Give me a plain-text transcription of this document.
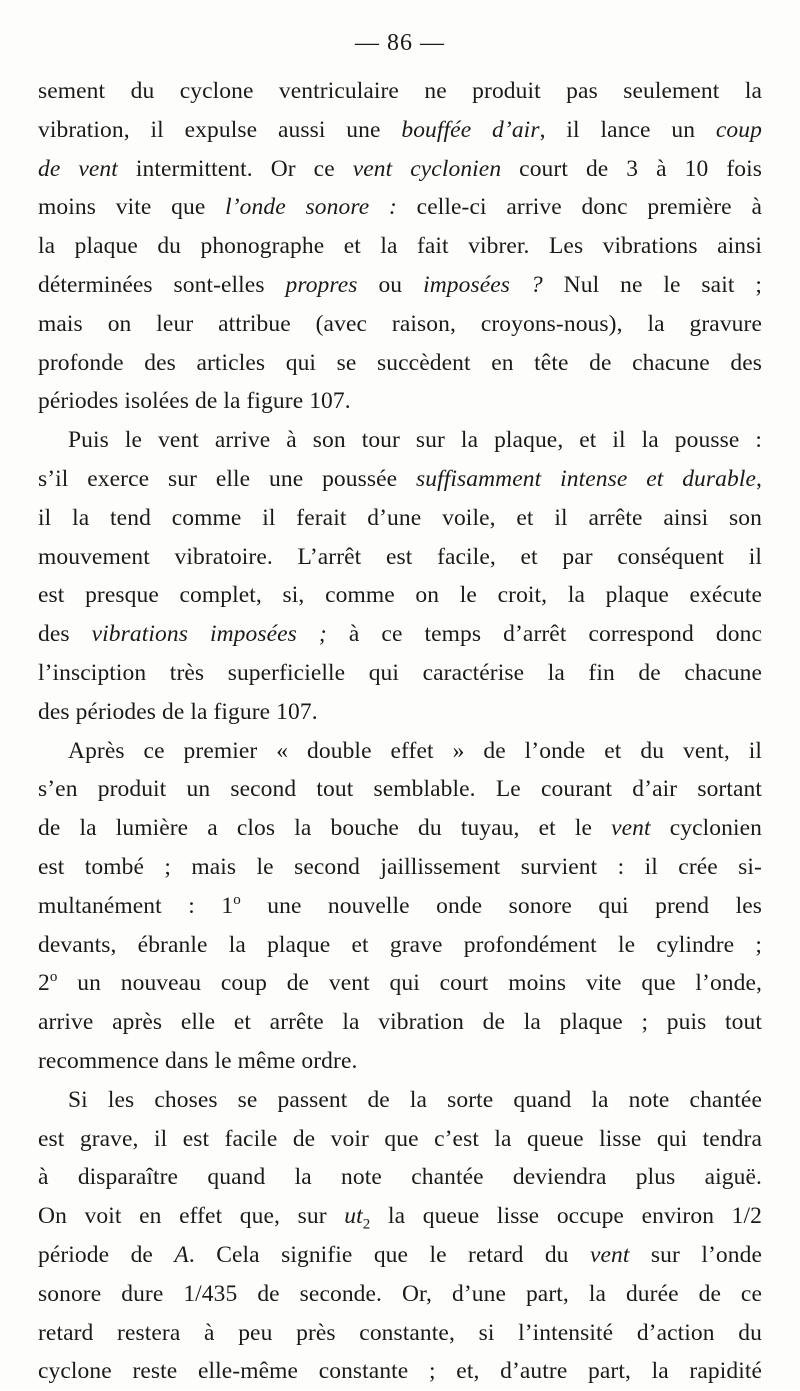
— 86 —
sement du cyclone ventriculaire ne produit pas seulement la
vibration, il expulse aussi une bouffée d’air, il lance un coup
de vent intermittent. Or ce vent cyclonien court de 3 à 10 fois
moins vite que l’onde sonore : celle-ci arrive donc première à
la plaque du phonographe et la fait vibrer. Les vibrations ainsi
déterminées sont-elles propres ou imposées ? Nul ne le sait ;
mais on leur attribue (avec raison, croyons-nous), la gravure
profonde des articles qui se succèdent en tête de chacune des
périodes isolées de la figure 107.
Puis le vent arrive à son tour sur la plaque, et il la pousse :
s’il exerce sur elle une poussée suffisamment intense et durable,
il la tend comme il ferait d’une voile, et il arrête ainsi son
mouvement vibratoire. L’arrêt est facile, et par conséquent il
est presque complet, si, comme on le croit, la plaque exécute
des vibrations imposées ; à ce temps d’arrêt correspond donc
l’insciption très superficielle qui caractérise la fin de chacune
des périodes de la figure 107.
Après ce premier « double effet » de l’onde et du vent, il
s’en produit un second tout semblable. Le courant d’air sortant
de la lumière a clos la bouche du tuyau, et le vent cyclonien
est tombé ; mais le second jaillissement survient : il crée si-
multanément : 1$^o$ une nouvelle onde sonore qui prend les
devants, ébranle la plaque et grave profondément le cylindre ;
2$^o$ un nouveau coup de vent qui court moins vite que l’onde,
arrive après elle et arrête la vibration de la plaque ; puis tout
recommence dans le même ordre.
Si les choses se passent de la sorte quand la note chantée
est grave, il est facile de voir que c’est la queue lisse qui tendra
à disparaître quand la note chantée deviendra plus aiguë.
On voit en effet que, sur $ut_2$ la queue lisse occupe environ 1/2
période de A. Cela signifie que le retard du vent sur l’onde
sonore dure 1/435 de seconde. Or, d’une part, la durée de ce
retard restera à peu près constante, si l’intensité d’action du
cyclone reste elle-même constante ; et, d’autre part, la rapidité
